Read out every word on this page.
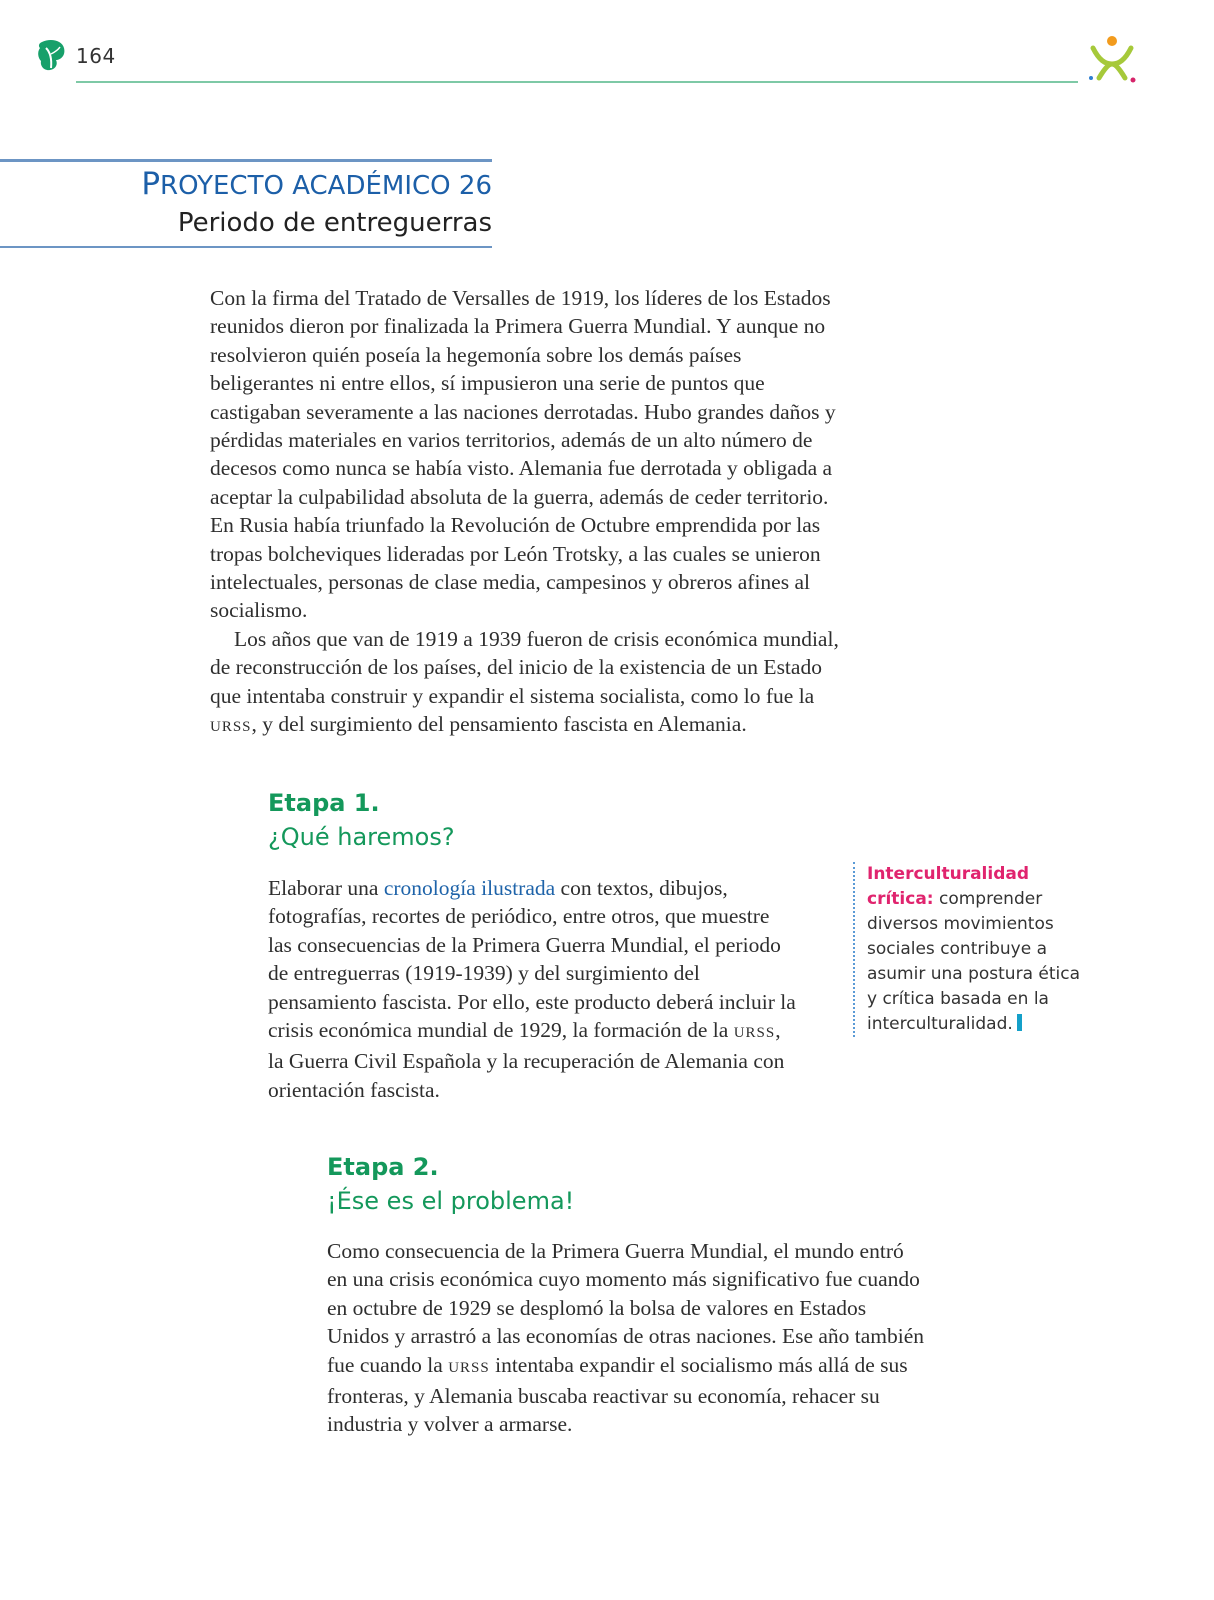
164
PROYECTO ACADÉMICO 26
Periodo de entreguerras

Con la firma del Tratado de Versalles de 1919, los líderes de los Estados reunidos dieron por finalizada la Primera Guerra Mundial. Y aunque no resolvieron quién poseía la hegemonía sobre los demás países beligerantes ni entre ellos, sí impusieron una serie de puntos que castigaban severamente a las naciones derrotadas. Hubo grandes daños y pérdidas materiales en varios territorios, además de un alto número de decesos como nunca se había visto. Alemania fue derrotada y obligada a aceptar la culpabilidad absoluta de la guerra, además de ceder territorio. En Rusia había triunfado la Revolución de Octubre emprendida por las tropas bolcheviques lideradas por León Trotsky, a las cuales se unieron intelectuales, personas de clase media, campesinos y obreros afines al socialismo.

Los años que van de 1919 a 1939 fueron de crisis económica mundial, de reconstrucción de los países, del inicio de la existencia de un Estado que intentaba construir y expandir el sistema socialista, como lo fue la URSS, y del surgimiento del pensamiento fascista en Alemania.

Etapa 1.
¿Qué haremos?

Elaborar una cronología ilustrada con textos, dibujos, fotografías, recortes de periódico, entre otros, que muestre las consecuencias de la Primera Guerra Mundial, el periodo de entreguerras (1919-1939) y del surgimiento del pensamiento fascista. Por ello, este producto deberá incluir la crisis económica mundial de 1929, la formación de la URSS, la Guerra Civil Española y la recuperación de Alemania con orientación fascista.

Interculturalidad crítica: comprender diversos movimientos sociales contribuye a asumir una postura ética y crítica basada en la interculturalidad.
Etapa 2.
¡Ése es el problema!

Como consecuencia de la Primera Guerra Mundial, el mundo entró en una crisis económica cuyo momento más significativo fue cuando en octubre de 1929 se desplomó la bolsa de valores en Estados Unidos y arrastró a las economías de otras naciones. Ese año también fue cuando la URSS intentaba expandir el socialismo más allá de sus fronteras, y Alemania buscaba reactivar su economía, rehacer su industria y volver a armarse.
